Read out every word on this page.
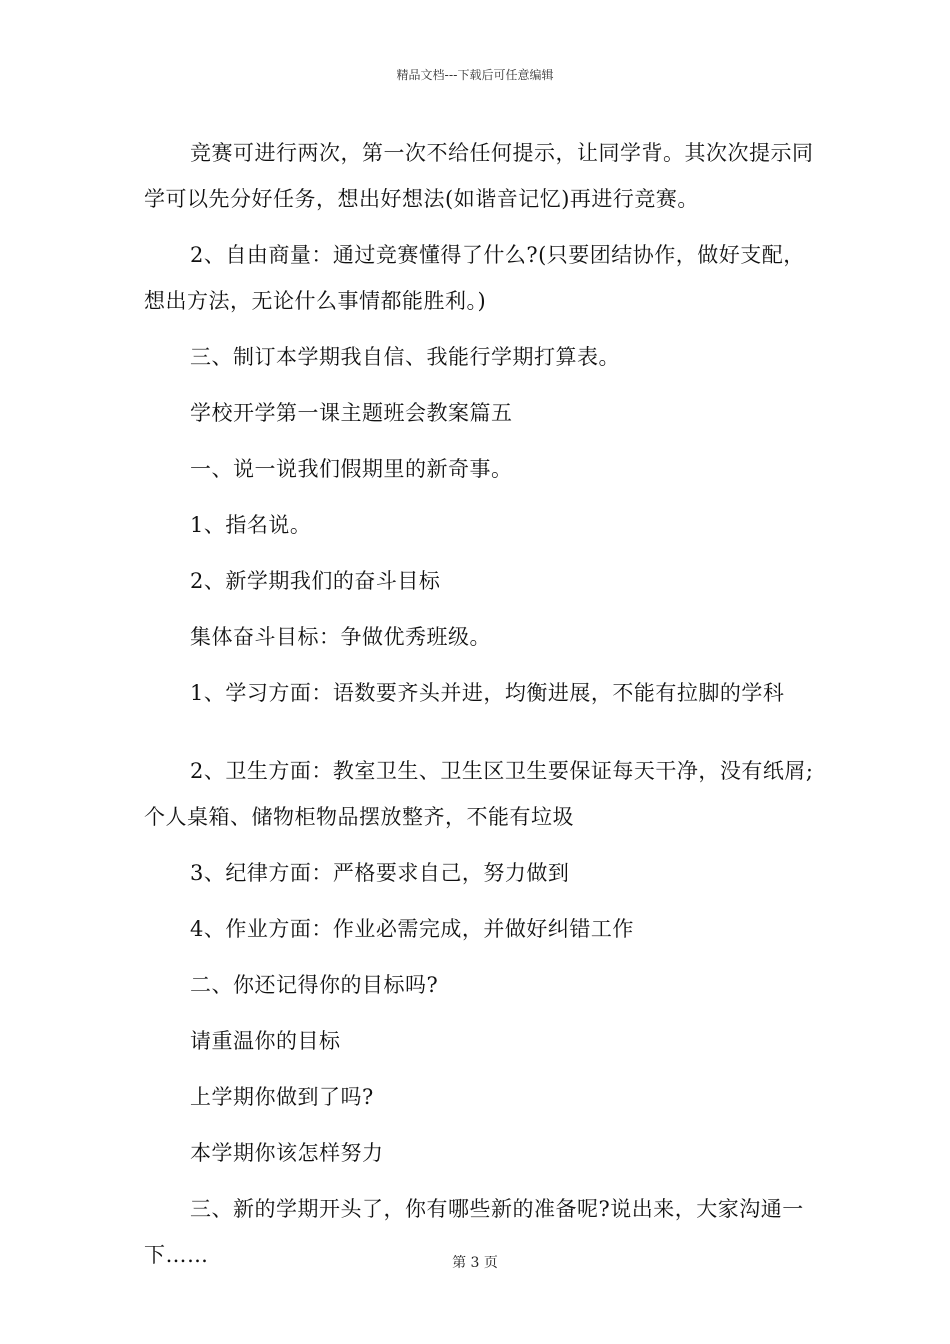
精品文档---下载后可任意编辑

竞赛可进行两次，第一次不给任何提示，让同学背。其次次提示同学可以先分好任务，想出好想法(如谐音记忆)再进行竞赛。

2、自由商量：通过竞赛懂得了什么?(只要团结协作，做好支配，想出方法，无论什么事情都能胜利。)

三、制订本学期我自信、我能行学期打算表。

学校开学第一课主题班会教案篇五

一、说一说我们假期里的新奇事。

1、指名说。

2、新学期我们的奋斗目标

集体奋斗目标：争做优秀班级。

1、学习方面：语数要齐头并进，均衡进展，不能有拉脚的学科

2、卫生方面：教室卫生、卫生区卫生要保证每天干净，没有纸屑;个人桌箱、储物柜物品摆放整齐，不能有垃圾

3、纪律方面：严格要求自己，努力做到

4、作业方面：作业必需完成，并做好纠错工作

二、你还记得你的目标吗?

请重温你的目标

上学期你做到了吗?

本学期你该怎样努力

三、新的学期开头了，你有哪些新的准备呢?说出来，大家沟通一下……	第 3 页
